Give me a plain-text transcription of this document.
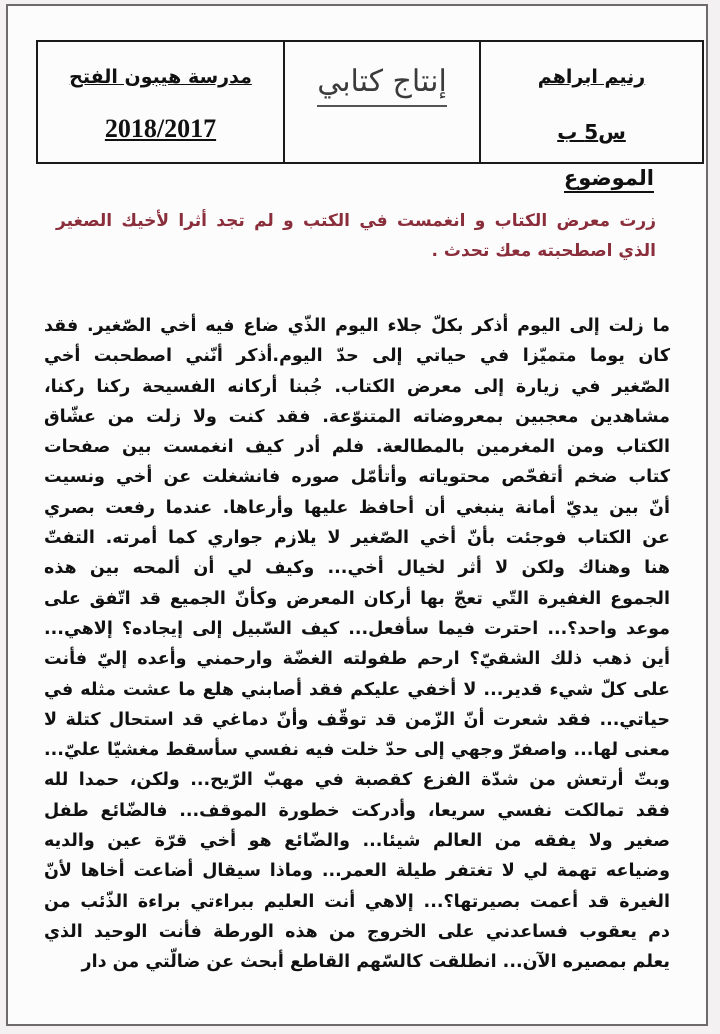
مدرسة هيبون الفتح
2018/2017
إنتاج كتابي	رنيم ابراهم
س5 ب
الموضوع
زرت معرض الكتاب و انغمست في الكتب و لم تجد أثرا لأخيك الصغير
الذي اصطحبته معك تحدث .
ما زلت إلى اليوم أذكر بكلّ جلاء اليوم الذّي ضاع فيه أخي الصّغير. فقد
كان يوما متميّزا في حياتي إلى حدّ اليوم.أذكر أنّني اصطحبت أخي
الصّغير في زيارة إلى معرض الكتاب. جُبنا أركانه الفسيحة ركنا ركنا،
مشاهدين معجبين بمعروضاته المتنوّعة. فقد كنت ولا زلت من عشّاق
الكتاب ومن المغرمين بالمطالعة. فلم أدر كيف انغمست بين صفحات
كتاب ضخم أتفحّص محتوياته وأتأمّل صوره فانشغلت عن أخي ونسيت
أنّ بين يديّ أمانة ينبغي أن أحافظ عليها وأرعاها. عندما رفعت بصري
عن الكتاب فوجئت بأنّ أخي الصّغير لا يلازم جواري كما أمرته. التفتّ
هنا وهناك ولكن لا أثر لخيال أخي... وكيف لي أن ألمحه بين هذه
الجموع الغفيرة التّي تعجّ بها أركان المعرض وكأنّ الجميع قد اتّفق على
موعد واحد؟... احترت فيما سأفعل... كيف السّبيل إلى إيجاده؟ إلاهي...
أين ذهب ذلك الشقيّ؟ ارحم طفولته الغضّة وارحمني وأعده إليّ فأنت
على كلّ شيء قدير... لا أخفي عليكم فقد أصابني هلع ما عشت مثله في
حياتي... فقد شعرت أنّ الزّمن قد توقّف وأنّ دماغي قد استحال كتلة لا
معنى لها... واصفرّ وجهي إلى حدّ خلت فيه نفسي سأسقط مغشيّا عليّ...
وبتّ أرتعش من شدّة الفزع كقصبة في مهبّ الرّيح... ولكن، حمدا لله
فقد تمالكت نفسي سريعا، وأدركت خطورة الموقف... فالضّائع طفل
صغير ولا يفقه من العالم شيئا... والضّائع هو أخي قرّة عين والديه
وضياعه تهمة لي لا تغتفر طيلة العمر... وماذا سيقال أضاعت أخاها لأنّ
الغيرة قد أعمت بصيرتها؟... إلاهي أنت العليم ببراءتي براءة الذّئب من
دم يعقوب فساعدني على الخروج من هذه الورطة فأنت الوحيد الذي
يعلم بمصيره الآن... انطلقت كالسّهم القاطع أبحث عن ضالّتي من دار
